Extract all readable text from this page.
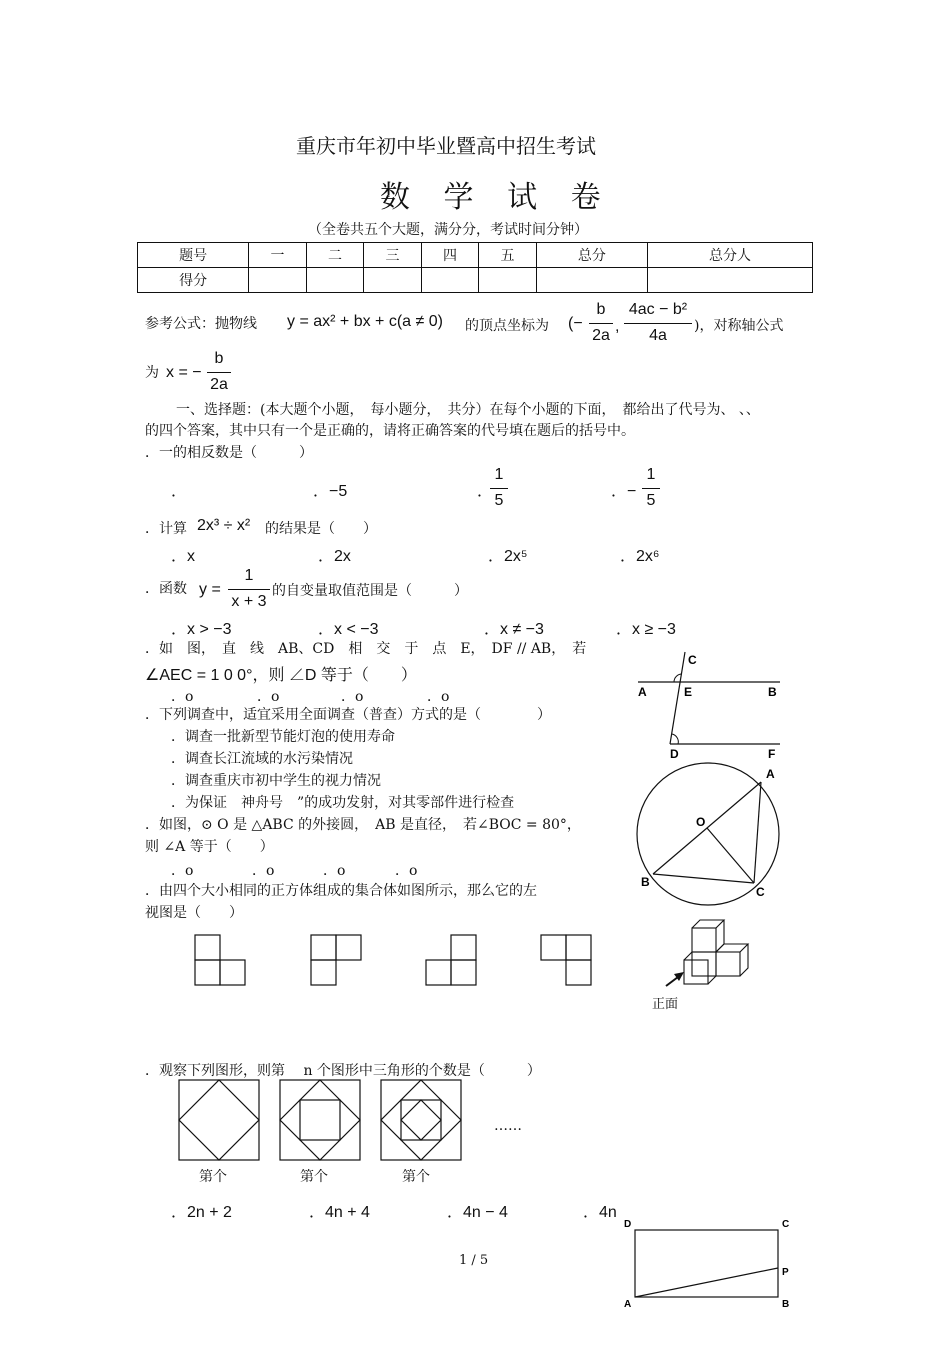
重庆市年初中毕业暨高中招生考试
数 学 试 卷
（全卷共五个大题，满分分，考试时间分钟）
题号	一	二	三	四	五	总分	总分人
得分							
参考公式：抛物线 y = ax² + bx + c(a ≠ 0) 的顶点坐标为 (−
b
2a
,
4ac − b²
4a
)，对称轴公式
为 x = −
b
2a
一、选择题：(本大题个小题，　每小题分，　共分）在每个小题的下面，　都给出了代号为、 、、
的四个答案，其中只有一个是正确的，请将正确答案的代号填在题后的括号中。
．一的相反数是（　　　）
．	．−5	．
1
5
．−
1
5
．计算 2x³ ÷ x² 的结果是（　　）
．x	．2x	．2x⁵	．2x⁶
．函数 y =
1
x + 3
的自变量取值范围是（　　　）
．x > −3	．x < −3	．x ≠ −3	．x ≥ −3
．如　图，　直　线　AB、CD　相　交　于　点　E，　DF // AB，　若
∠AEC = 1 0 0°，则 ∠D 等于（　　）
．o	．o	．o	．o
C
A	E	B
D	F
．下列调查中，适宜采用全面调查（普查）方式的是（　　　　）
．调查一批新型节能灯泡的使用寿命
．调查长江流域的水污染情况
．调查重庆市初中学生的视力情况
．为保证　神舟号　”的成功发射，对其零部件进行检查
．如图，⊙ O 是 △ABC 的外接圆，　AB 是直径，　若∠BOC = 80°，
则 ∠A 等于（　　）
．o	．o	．o	．o
A
O
B
C
．由四个大小相同的正方体组成的集合体如图所示，那么它的左
视图是（　　）
正面
．观察下列图形，则第　 n 个图形中三角形的个数是（　　　）
……
第个	第个	第个
．2n + 2	．4n + 4	．4n − 4	．4n
D	C
P
A	B
1 / 5
